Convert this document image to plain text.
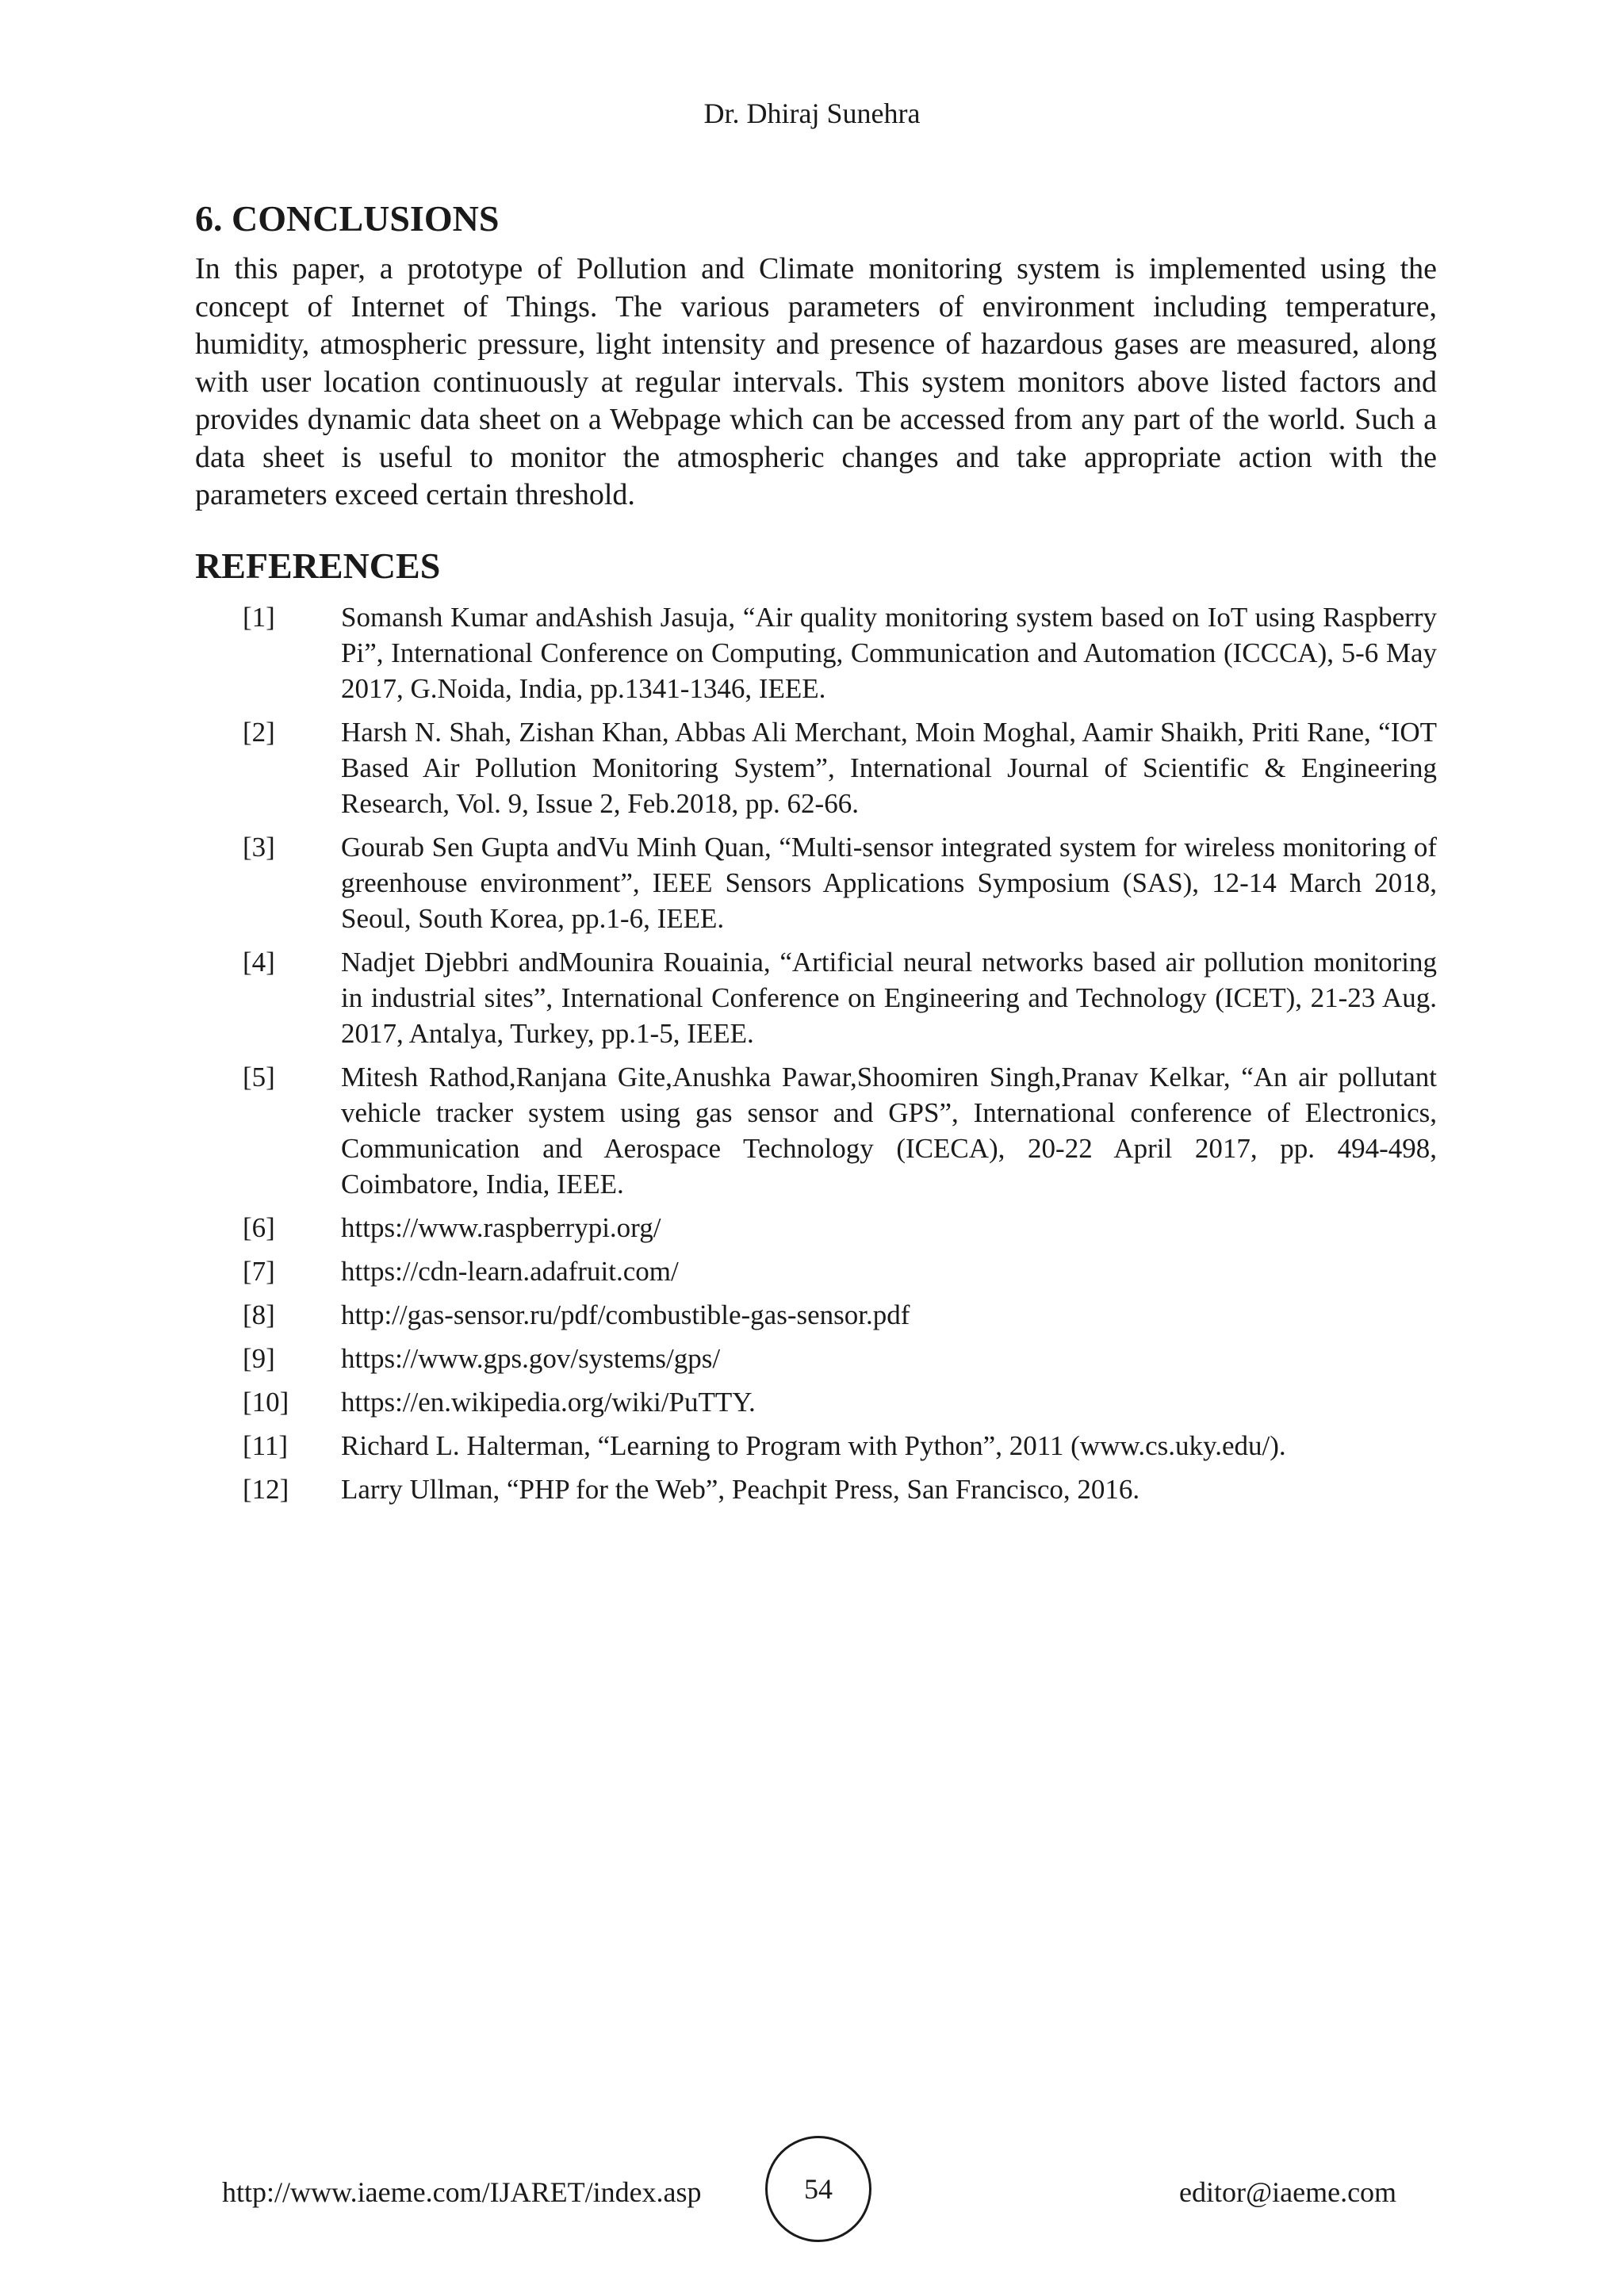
Dr. Dhiraj Sunehra
6. CONCLUSIONS

In this paper, a prototype of Pollution and Climate monitoring system is implemented using the concept of Internet of Things. The various parameters of environment including temperature, humidity, atmospheric pressure, light intensity and presence of hazardous gases are measured, along with user location continuously at regular intervals. This system monitors above listed factors and provides dynamic data sheet on a Webpage which can be accessed from any part of the world. Such a data sheet is useful to monitor the atmospheric changes and take appropriate action with the parameters exceed certain threshold.

REFERENCES
[1] Somansh Kumar andAshish Jasuja, “Air quality monitoring system based on IoT using Raspberry Pi”, International Conference on Computing, Communication and Automation (ICCCA), 5-6 May 2017, G.Noida, India, pp.1341-1346, IEEE.
[2] Harsh N. Shah, Zishan Khan, Abbas Ali Merchant, Moin Moghal, Aamir Shaikh, Priti Rane, “IOT Based Air Pollution Monitoring System”, International Journal of Scientific & Engineering Research, Vol. 9, Issue 2, Feb.2018, pp. 62-66.
[3] Gourab Sen Gupta andVu Minh Quan, “Multi-sensor integrated system for wireless monitoring of greenhouse environment”, IEEE Sensors Applications Symposium (SAS), 12-14 March 2018, Seoul, South Korea, pp.1-6, IEEE.
[4] Nadjet Djebbri andMounira Rouainia, “Artificial neural networks based air pollution monitoring in industrial sites”, International Conference on Engineering and Technology (ICET), 21-23 Aug. 2017, Antalya, Turkey, pp.1-5, IEEE.
[5] Mitesh Rathod,Ranjana Gite,Anushka Pawar,Shoomiren Singh,Pranav Kelkar, “An air pollutant vehicle tracker system using gas sensor and GPS”, International conference of Electronics, Communication and Aerospace Technology (ICECA), 20-22 April 2017, pp. 494-498, Coimbatore, India, IEEE.
[6] https://www.raspberrypi.org/
[7] https://cdn-learn.adafruit.com/
[8] http://gas-sensor.ru/pdf/combustible-gas-sensor.pdf
[9] https://www.gps.gov/systems/gps/
[10] https://en.wikipedia.org/wiki/PuTTY.
[11] Richard L. Halterman, “Learning to Program with Python”, 2011 (www.cs.uky.edu/).
[12] Larry Ullman, “PHP for the Web”, Peachpit Press, San Francisco, 2016.
http://www.iaeme.com/IJARET/index.asp	54	editor@iaeme.com
